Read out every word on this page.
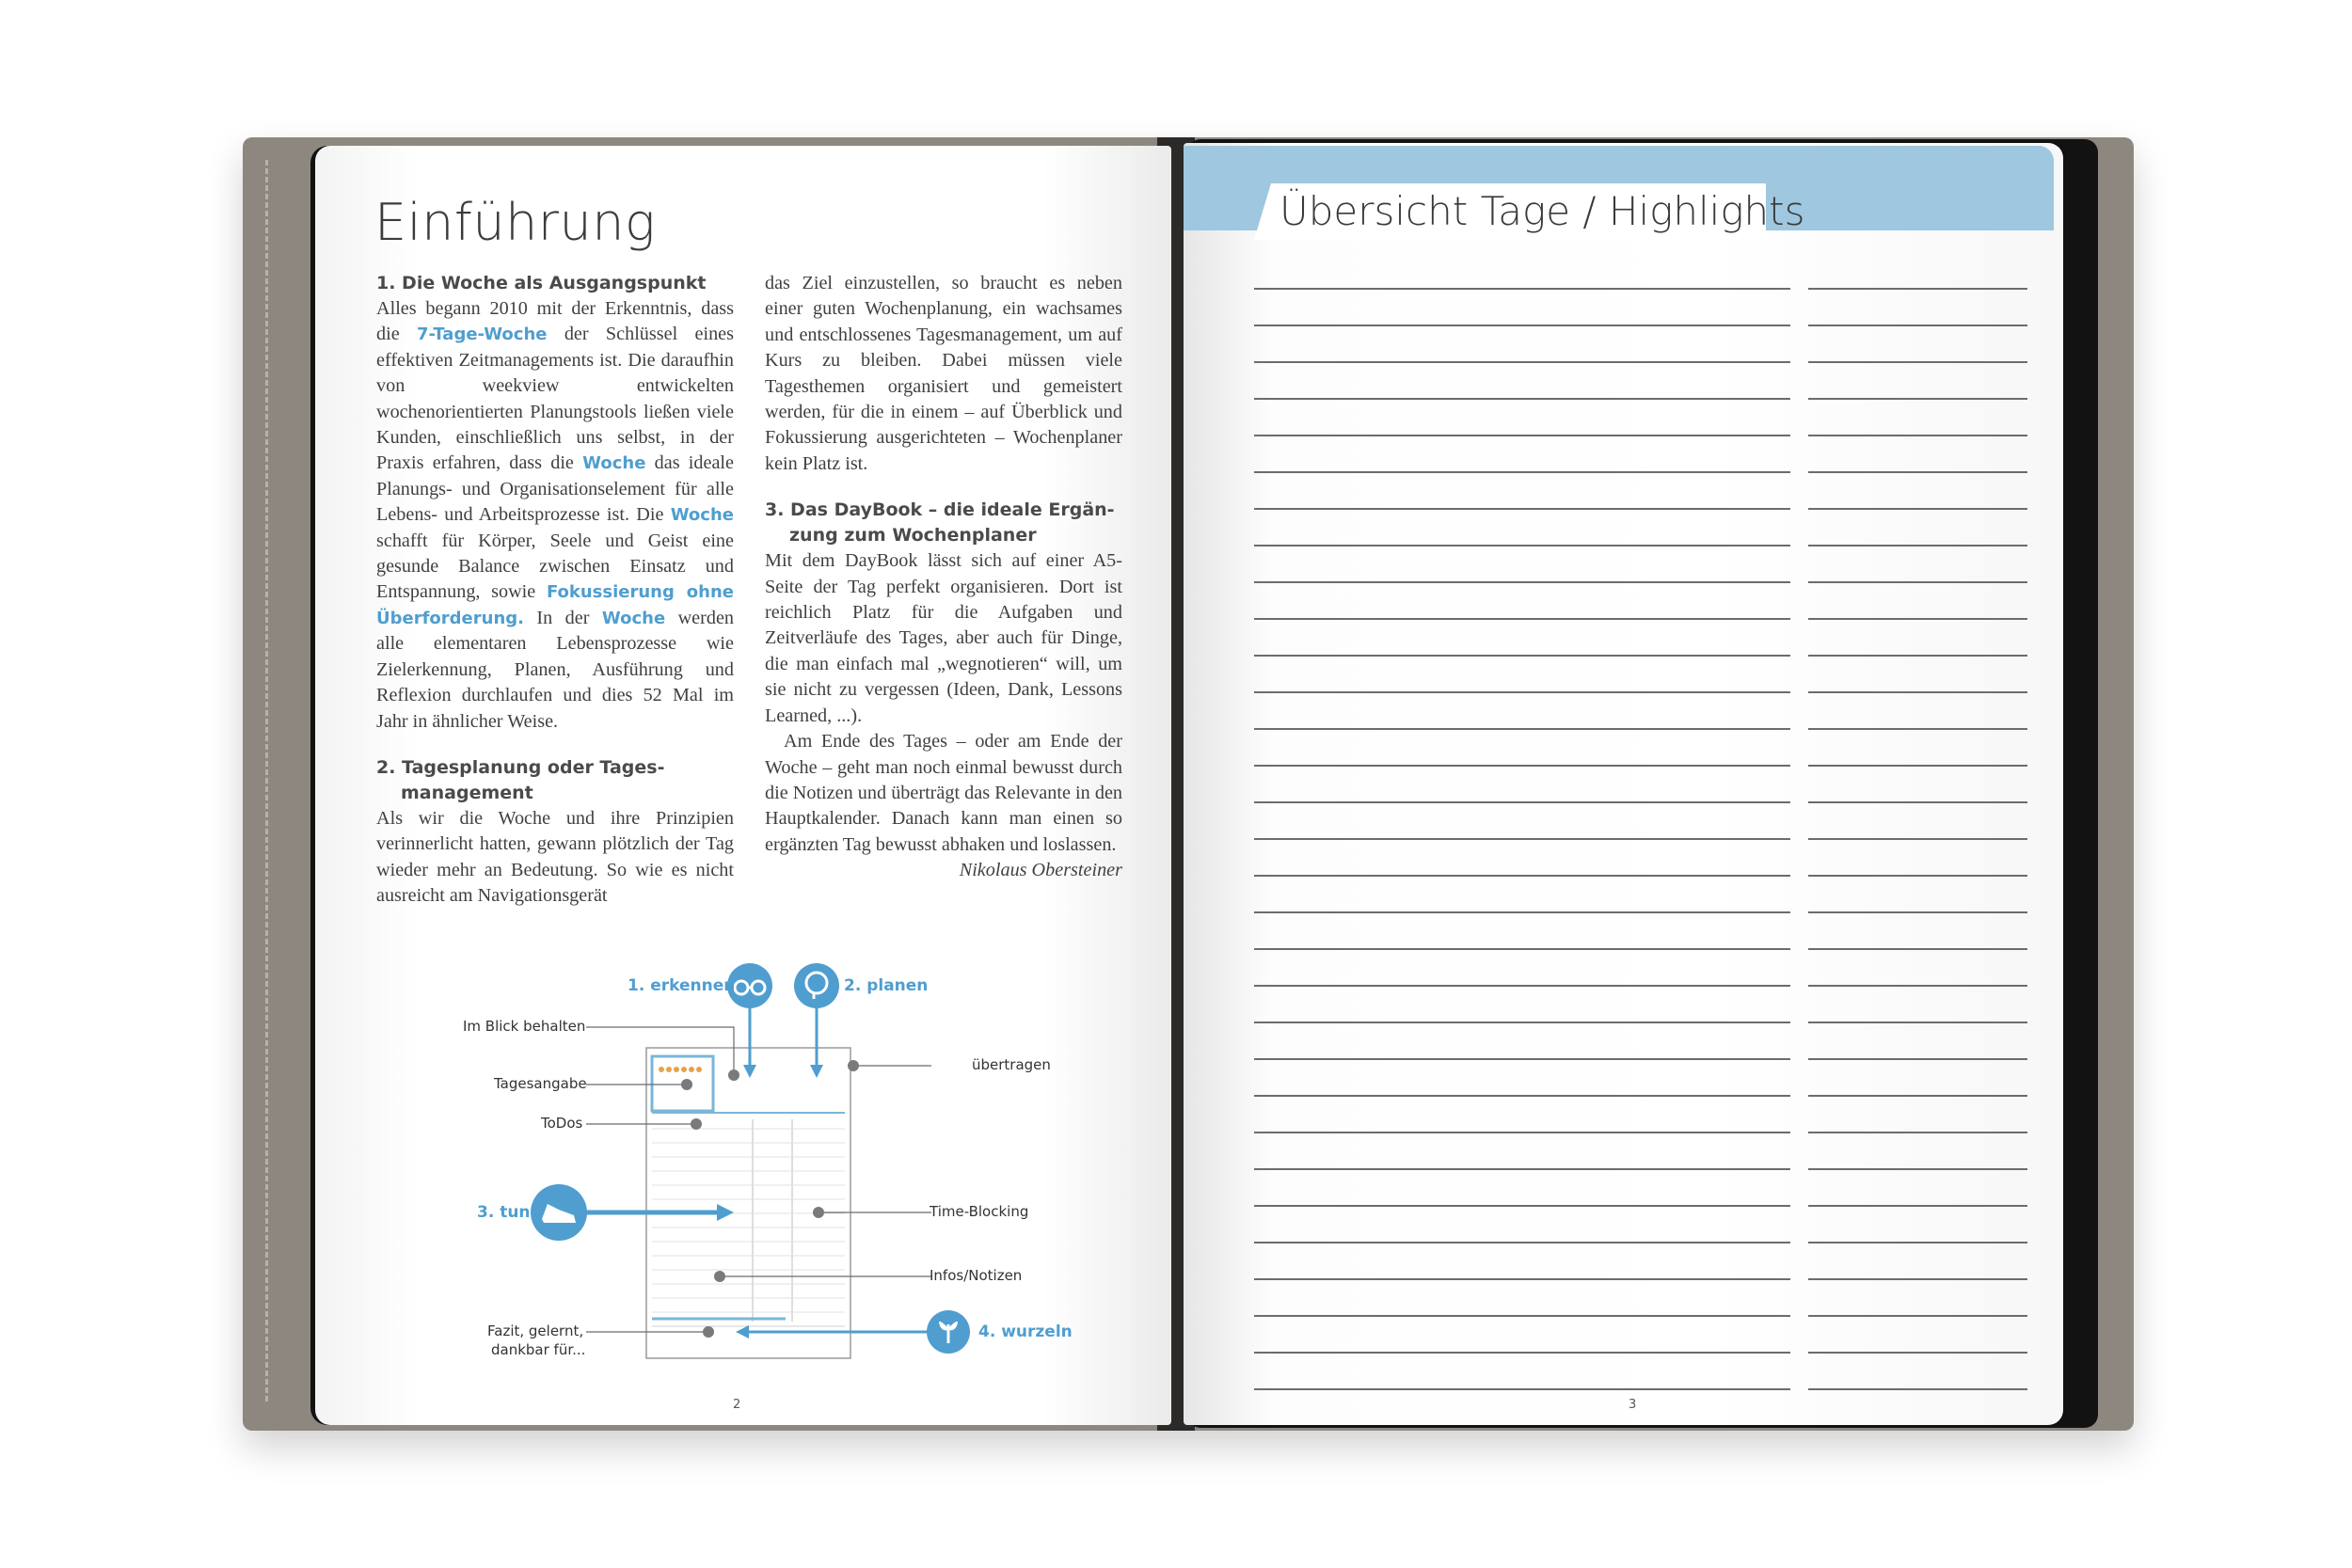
Einführung
1. Die Woche als Ausgangspunkt
Alles begann 2010 mit der Erkenntnis, dass die 7-Tage-Woche der Schlüssel eines effektiven Zeitmanagements ist. Die daraufhin von weekview entwickelten wochenorientierten Planungstools ließen viele Kunden, einschließlich uns selbst, in der Praxis erfahren, dass die Woche das ideale Planungs- und Organisationselement für alle Lebens- und Arbeitsprozesse ist. Die Woche schafft für Körper, Seele und Geist eine gesunde Balance zwischen Einsatz und Entspannung, sowie Fokussierung ohne Überforderung. In der Woche werden alle elementaren Lebensprozesse wie Zielerkennung, Planen, Ausführung und Reflexion durchlaufen und dies 52 Mal im Jahr in ähnlicher Weise.
2. Tagesplanung oder Tages-
management
Als wir die Woche und ihre Prinzipien verinnerlicht hatten, gewann plötzlich der Tag wieder mehr an Bedeutung. So wie es nicht ausreicht am Navigationsgerät
das Ziel einzustellen, so braucht es neben einer guten Wochenplanung, ein wachsames und entschlossenes Tagesmanagement, um auf Kurs zu bleiben. Dabei müssen viele Tagesthemen organisiert und gemeistert werden, für die in einem – auf Überblick und Fokussierung ausgerichteten – Wochenplaner kein Platz ist.
3. Das DayBook – die ideale Ergän-
zung zum Wochenplaner
Mit dem DayBook lässt sich auf einer A5-Seite der Tag perfekt organisieren. Dort ist reichlich Platz für die Aufgaben und Zeitverläufe des Tages, aber auch für Dinge, die man einfach mal „wegnotieren“ will, um sie nicht zu vergessen (Ideen, Dank, Lessons Learned, ...).
Am Ende des Tages – oder am Ende der Woche – geht man noch einmal bewusst durch die Notizen und überträgt das Relevante in den Hauptkalender. Danach kann man einen so ergänzten Tag bewusst abhaken und loslassen.
Nikolaus Obersteiner
1. erkennen	2. planen
3. tun
4. wurzeln
Im Blick behalten
Tagesangabe
ToDos
übertragen
Time-Blocking
Infos/Notizen
Fazit, gelernt,
dankbar für...
2
Übersicht Tage / Highlights
3
